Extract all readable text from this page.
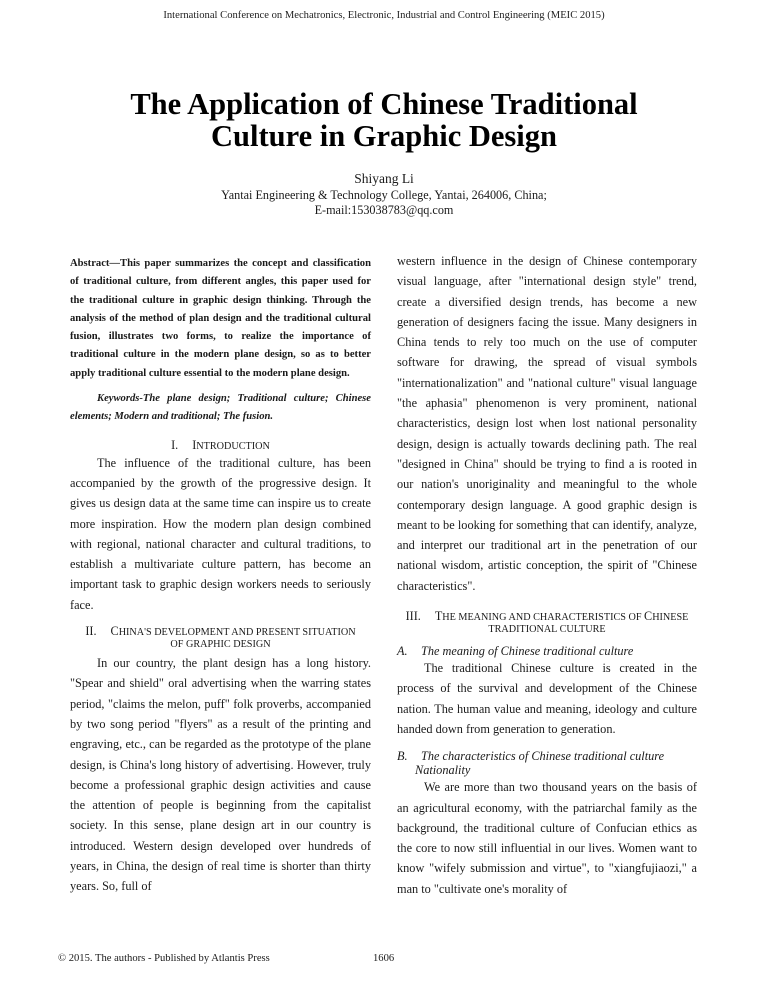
International Conference on Mechatronics, Electronic, Industrial and Control Engineering (MEIC 2015)
The Application of Chinese Traditional
Culture in Graphic Design
Shiyang Li
Yantai Engineering & Technology College, Yantai, 264006, China;
E-mail:153038783@qq.com

Abstract—This paper summarizes the concept and classification of traditional culture, from different angles, this paper used for the traditional culture in graphic design thinking. Through the analysis of the method of plan design and the traditional cultural fusion, illustrates two forms, to realize the importance of traditional culture in the modern plane design, so as to better apply traditional culture essential to the modern plane design.

Keywords-The plane design; Traditional culture; Chinese elements; Modern and traditional; The fusion.

I. INTRODUCTION

The influence of the traditional culture, has been accompanied by the growth of the progressive design. It gives us design data at the same time can inspire us to create more inspiration. How the modern plan design combined with regional, national character and cultural traditions, to establish a multivariate culture pattern, has become an important task to graphic design workers needs to seriously face.

II. CHINA'S DEVELOPMENT AND PRESENT SITUATION
OF GRAPHIC DESIGN

In our country, the plant design has a long history. "Spear and shield" oral advertising when the warring states period, "claims the melon, puff" folk proverbs, accompanied by two song period "flyers" as a result of the printing and engraving, etc., can be regarded as the prototype of the plane design, is China's long history of advertising. However, truly become a professional graphic design activities and cause the attention of people is beginning from the capitalist society. In this sense, plane design art in our country is introduced. Western design developed over hundreds of years, in China, the design of real time is shorter than thirty years. So, full of

western influence in the design of Chinese contemporary visual language, after "international design style" trend, create a diversified design trends, has become a new generation of designers facing the issue. Many designers in China tends to rely too much on the use of computer software for drawing, the spread of visual symbols "internationalization" and "national culture" visual language "the aphasia" phenomenon is very prominent, national characteristics, design lost when lost national personality design, design is actually towards declining path. The real "designed in China" should be trying to find a is rooted in our nation's unoriginality and meaningful to the whole contemporary design language. A good graphic design is meant to be looking for something that can identify, analyze, and interpret our traditional art in the penetration of our national wisdom, artistic conception, the spirit of "Chinese characteristics".

III. THE MEANING AND CHARACTERISTICS OF CHINESE
TRADITIONAL CULTURE

A. The meaning of Chinese traditional culture

The traditional Chinese culture is created in the process of the survival and development of the Chinese nation. The human value and meaning, ideology and culture handed down from generation to generation.

B. The characteristics of Chinese traditional culture
Nationality

We are more than two thousand years on the basis of an agricultural economy, with the patriarchal family as the background, the traditional culture of Confucian ethics as the core to now still influential in our lives. Women want to know "wifely submission and virtue", to "xiangfujiaozi," a man to "cultivate one's morality of

© 2015. The authors - Published by Atlantis Press	1606
